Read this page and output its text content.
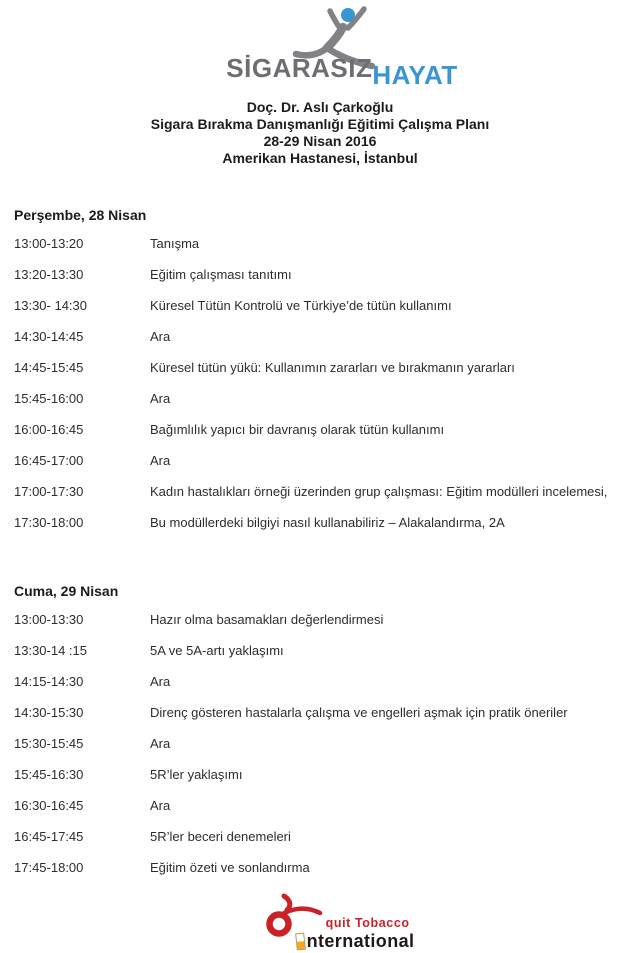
SİGARASIZ HAYAT
Doç. Dr. Aslı Çarkoğlu
Sigara Bırakma Danışmanlığı Eğitimi Çalışma Planı
28-29 Nisan 2016
Amerikan Hastanesi, İstanbul
Perşembe, 28 Nisan
13:00-13:20	Tanışma
13:20-13:30	Eğitim çalışması tanıtımı
13:30- 14:30	Küresel Tütün Kontrolü ve Türkiye’de tütün kullanımı
14:30-14:45	Ara
14:45-15:45	Küresel tütün yükü: Kullanımın zararları ve bırakmanın yararları
15:45-16:00	Ara
16:00-16:45	Bağımlılık yapıcı bir davranış olarak tütün kullanımı
16:45-17:00	Ara
17:00-17:30	Kadın hastalıkları örneği üzerinden grup çalışması: Eğitim modülleri incelemesi,
17:30-18:00	Bu modüllerdeki bilgiyi nasıl kullanabiliriz – Alakalandırma, 2A
Cuma, 29 Nisan
13:00-13:30	Hazır olma basamakları değerlendirmesi
13:30-14 :15	5A ve 5A-artı yaklaşımı
14:15-14:30	Ara
14:30-15:30	Direnç gösteren hastalarla çalışma ve engelleri aşmak için pratik öneriler
15:30-15:45	Ara
15:45-16:30	5R’ler yaklaşımı
16:30-16:45	Ara
16:45-17:45	5R’ler beceri denemeleri
17:45-18:00	Eğitim özeti ve sonlandırma
quit Tobacco
nternational
